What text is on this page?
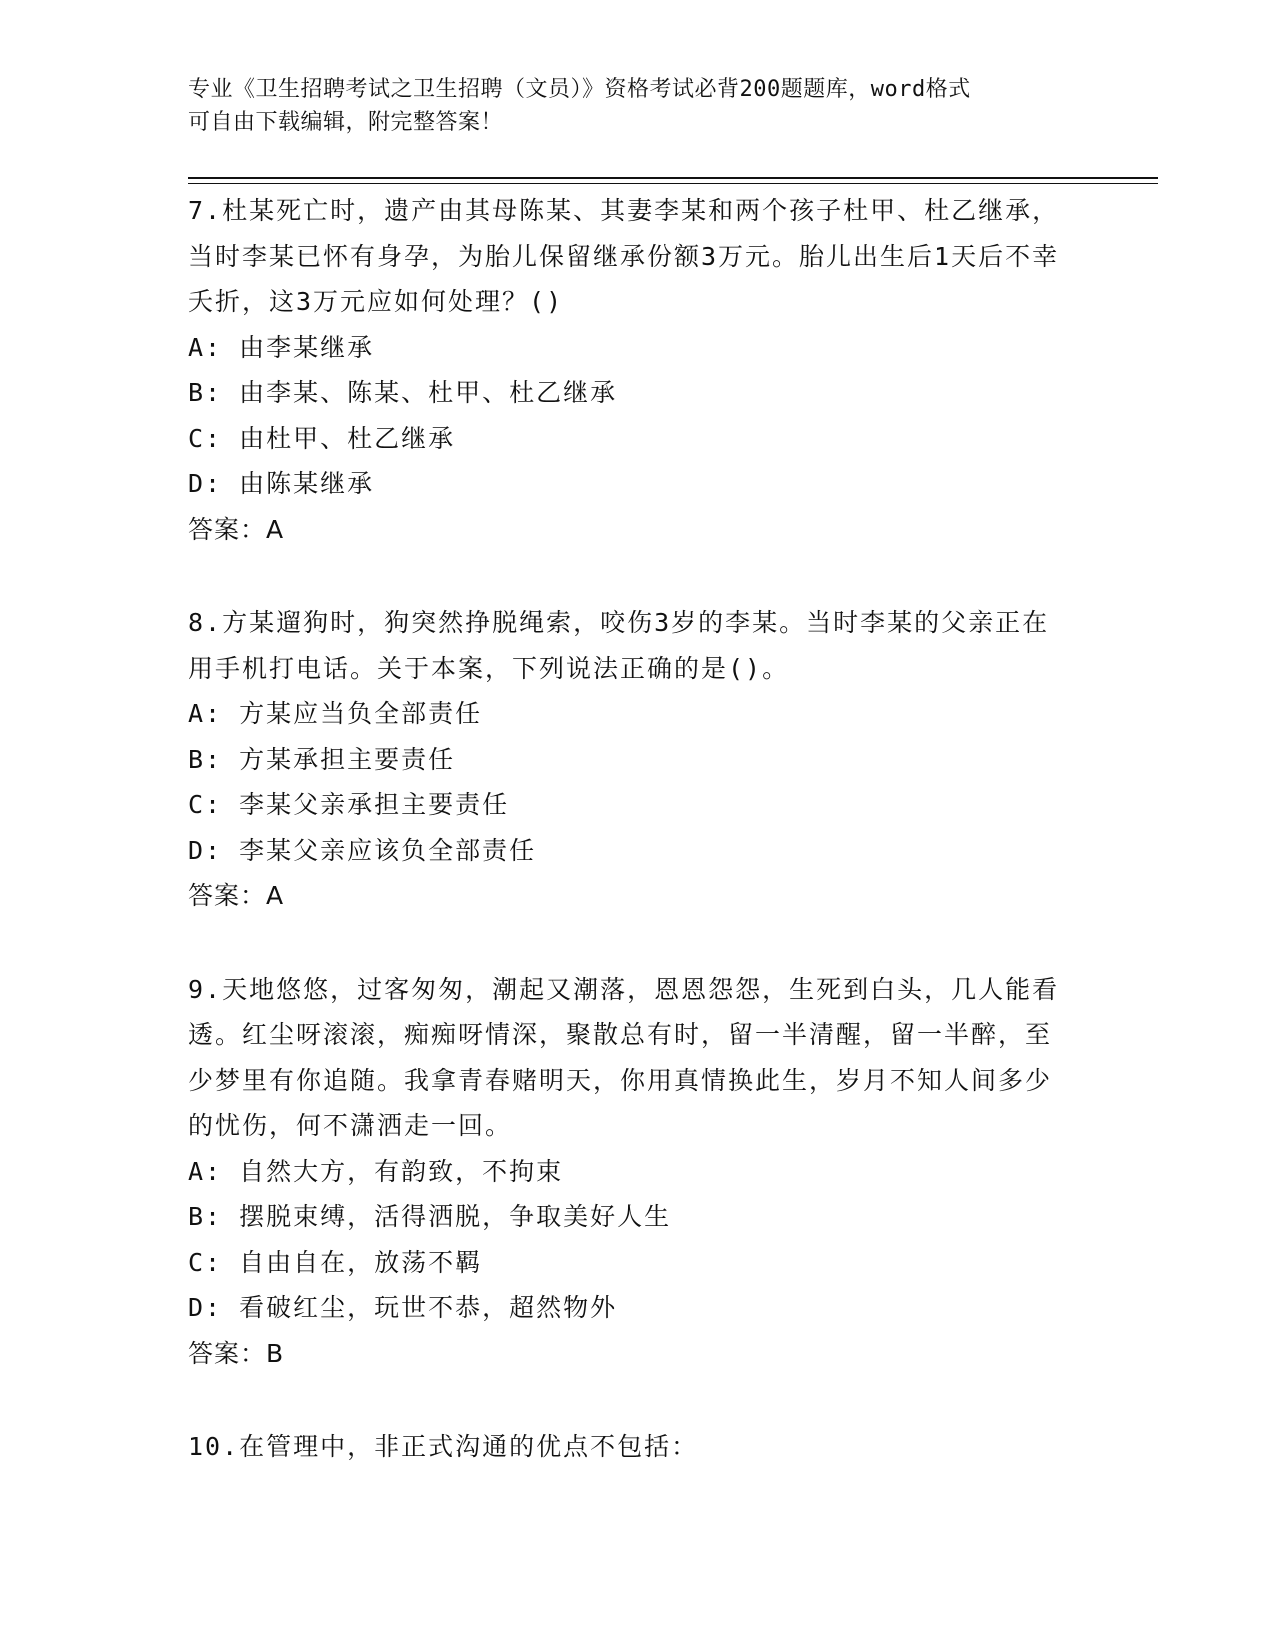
专业《卫生招聘考试之卫生招聘（文员）》资格考试必背200题题库，word格式
可自由下载编辑，附完整答案！

7.杜某死亡时，遗产由其母陈某、其妻李某和两个孩子杜甲、杜乙继承，当时李某已怀有身孕，为胎儿保留继承份额3万元。胎儿出生后1天后不幸夭折，这3万元应如何处理？()

A: 由李某继承

B: 由李某、陈某、杜甲、杜乙继承

C: 由杜甲、杜乙继承

D: 由陈某继承

答案：A

8.方某遛狗时，狗突然挣脱绳索，咬伤3岁的李某。当时李某的父亲正在用手机打电话。关于本案，下列说法正确的是()。

A: 方某应当负全部责任

B: 方某承担主要责任

C: 李某父亲承担主要责任

D: 李某父亲应该负全部责任

答案：A

9.天地悠悠，过客匆匆，潮起又潮落，恩恩怨怨，生死到白头，几人能看透。红尘呀滚滚，痴痴呀情深，聚散总有时，留一半清醒，留一半醉，至少梦里有你追随。我拿青春赌明天，你用真情换此生，岁月不知人间多少的忧伤，何不潇洒走一回。

A: 自然大方，有韵致，不拘束

B: 摆脱束缚，活得洒脱，争取美好人生

C: 自由自在，放荡不羁

D: 看破红尘，玩世不恭，超然物外

答案：B

10.在管理中，非正式沟通的优点不包括：
